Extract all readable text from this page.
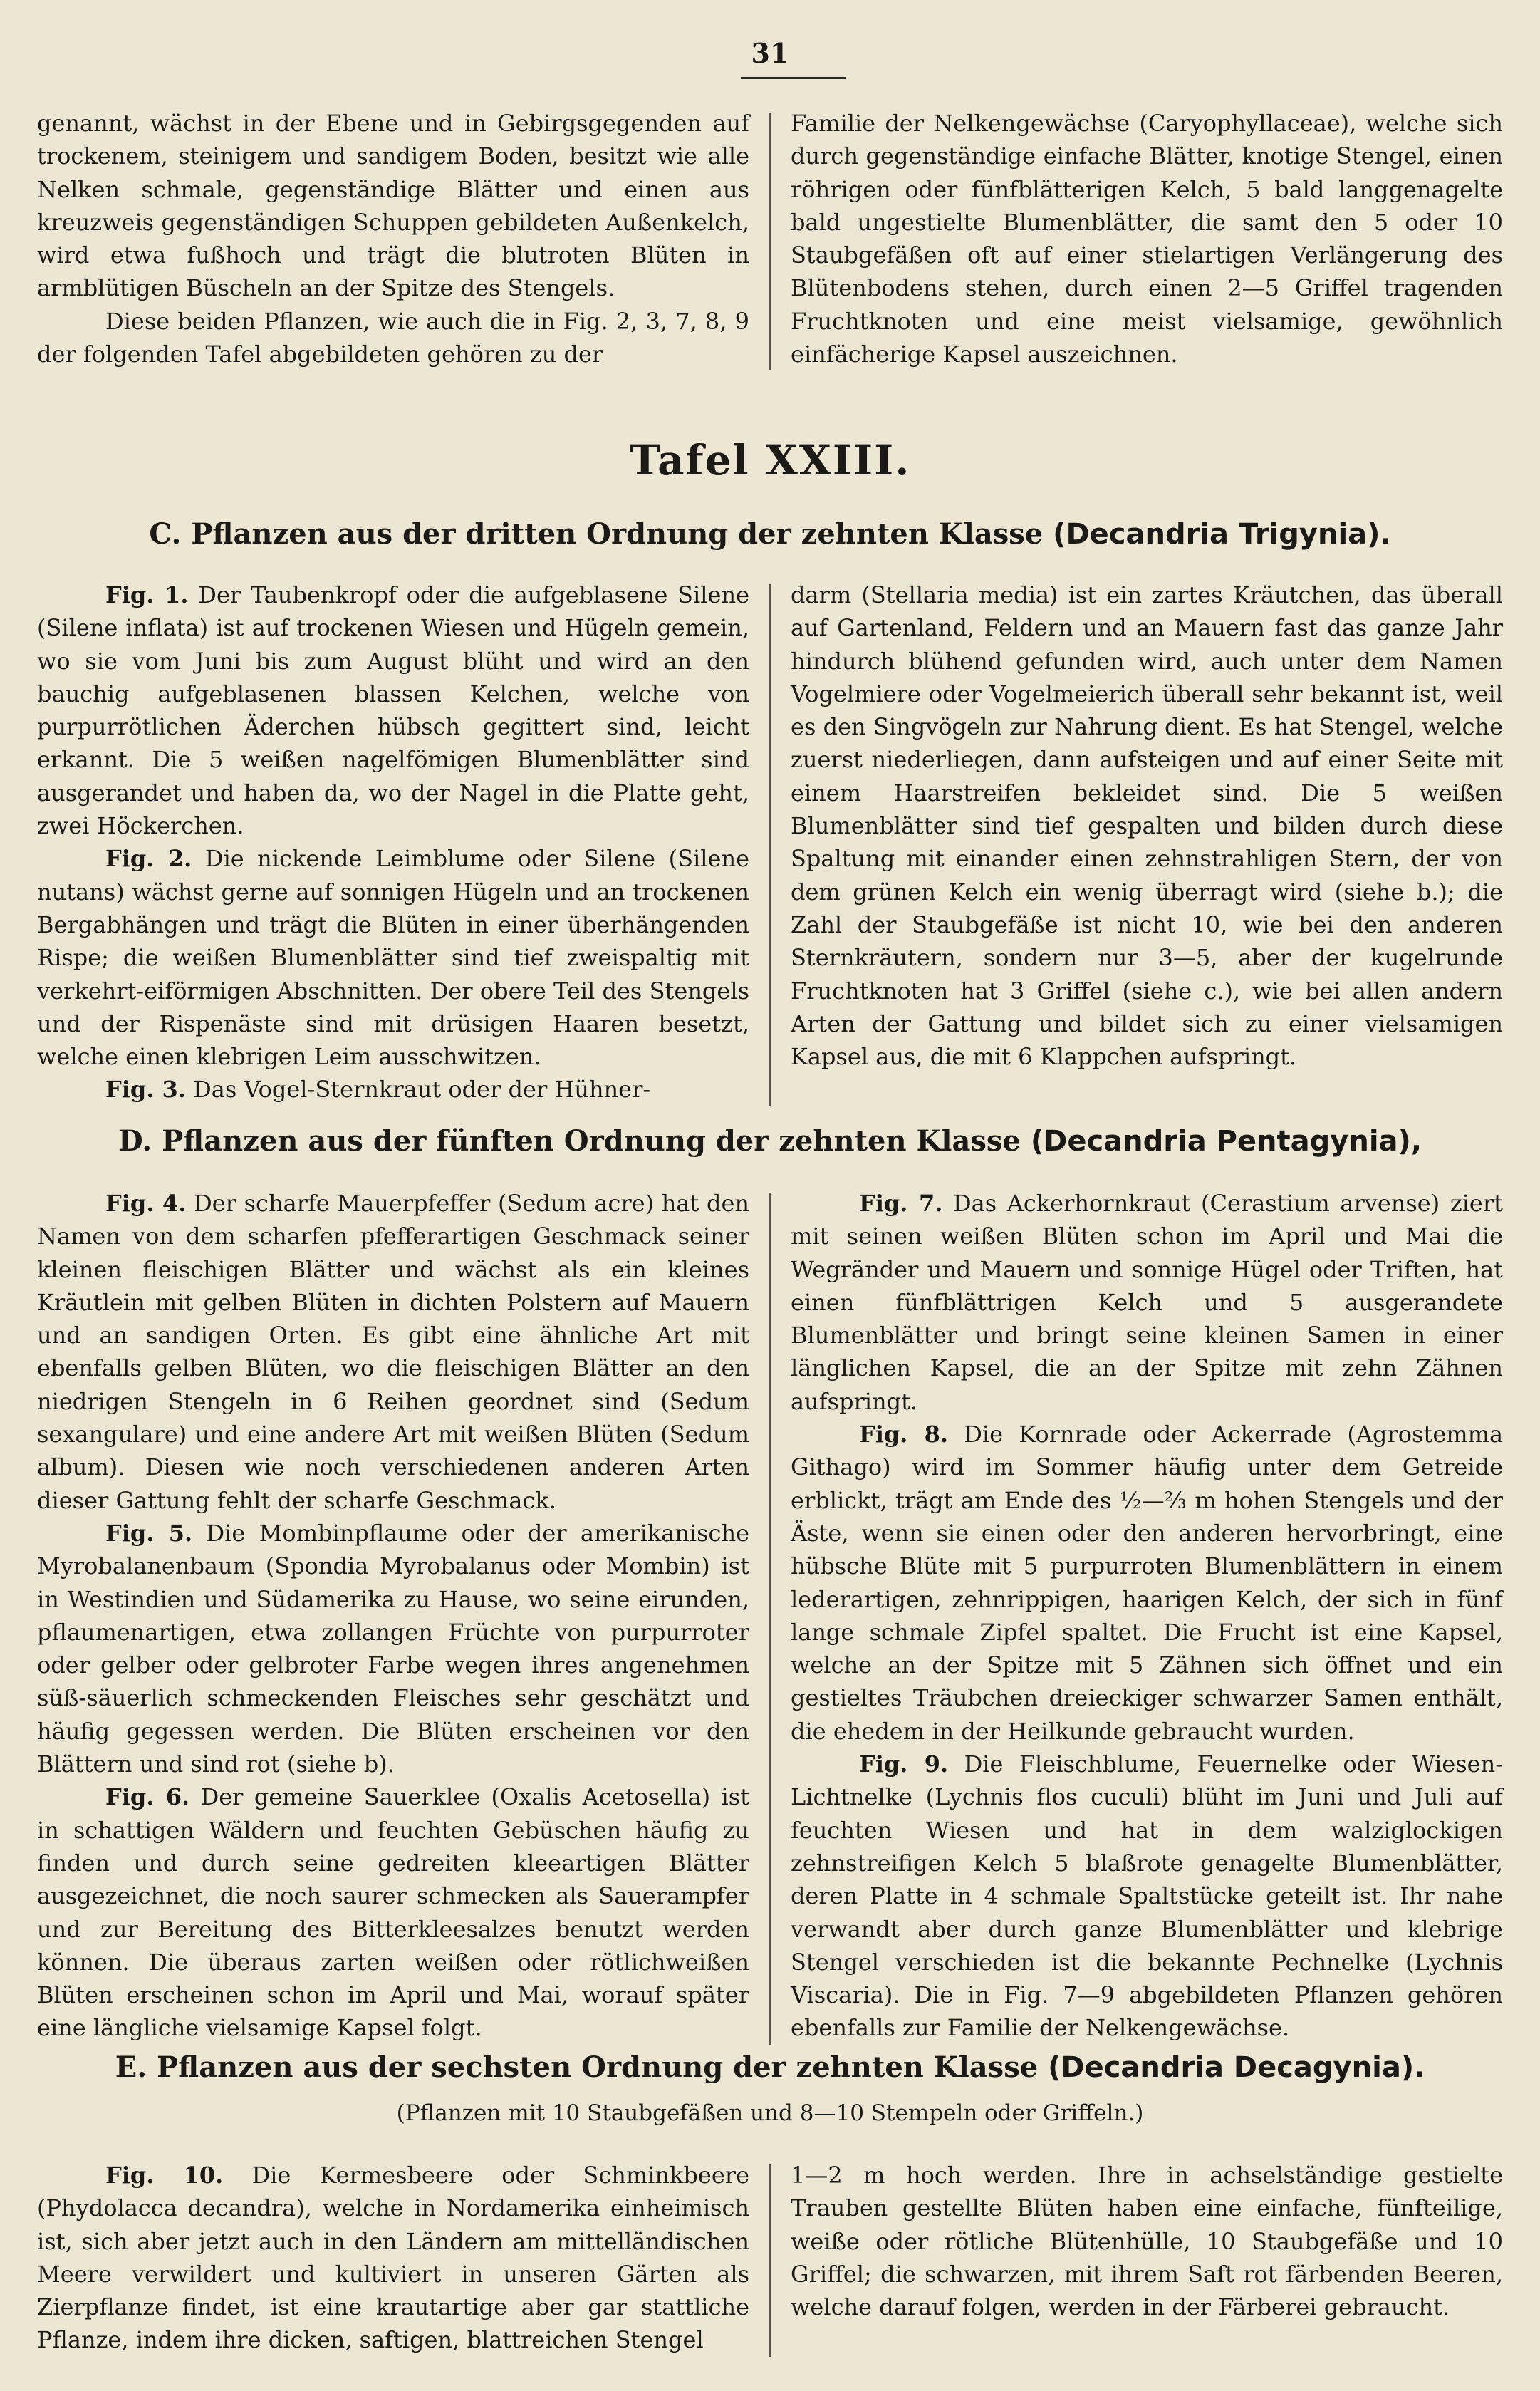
31

genannt, wächst in der Ebene und in Gebirgsgegenden auf trockenem, steinigem und sandigem Boden, besitzt wie alle Nelken schmale, gegenständige Blätter und einen aus kreuzweis gegenständigen Schuppen gebildeten Außenkelch, wird etwa fußhoch und trägt die blutroten Blüten in armblütigen Büscheln an der Spitze des Stengels.

Diese beiden Pflanzen, wie auch die in Fig. 2, 3, 7, 8, 9 der folgenden Tafel abgebildeten gehören zu der

Familie der Nelkengewächse (Caryophyllaceae), welche sich durch gegenständige einfache Blätter, knotige Stengel, einen röhrigen oder fünfblätterigen Kelch, 5 bald langgenagelte bald ungestielte Blumenblätter, die samt den 5 oder 10 Staubgefäßen oft auf einer stielartigen Verlängerung des Blütenbodens stehen, durch einen 2—5 Griffel tragenden Fruchtknoten und eine meist vielsamige, gewöhnlich einfächerige Kapsel auszeichnen.

Tafel XXIII.
C. Pflanzen aus der dritten Ordnung der zehnten Klasse (Decandria Trigynia).

Fig. 1. Der Taubenkropf oder die aufgeblasene Silene (Silene inflata) ist auf trockenen Wiesen und Hügeln gemein, wo sie vom Juni bis zum August blüht und wird an den bauchig aufgeblasenen blassen Kelchen, welche von purpurrötlichen Äderchen hübsch gegittert sind, leicht erkannt. Die 5 weißen nagelfömigen Blumenblätter sind ausgerandet und haben da, wo der Nagel in die Platte geht, zwei Höckerchen.

Fig. 2. Die nickende Leimblume oder Silene (Silene nutans) wächst gerne auf sonnigen Hügeln und an trockenen Bergabhängen und trägt die Blüten in einer überhängenden Rispe; die weißen Blumenblätter sind tief zweispaltig mit verkehrt-eiförmigen Abschnitten. Der obere Teil des Stengels und der Rispenäste sind mit drüsigen Haaren besetzt, welche einen klebrigen Leim ausschwitzen.

Fig. 3. Das Vogel-Sternkraut oder der Hühner-

darm (Stellaria media) ist ein zartes Kräutchen, das überall auf Gartenland, Feldern und an Mauern fast das ganze Jahr hindurch blühend gefunden wird, auch unter dem Namen Vogelmiere oder Vogelmeierich überall sehr bekannt ist, weil es den Singvögeln zur Nahrung dient. Es hat Stengel, welche zuerst niederliegen, dann aufsteigen und auf einer Seite mit einem Haarstreifen bekleidet sind. Die 5 weißen Blumenblätter sind tief gespalten und bilden durch diese Spaltung mit einander einen zehnstrahligen Stern, der von dem grünen Kelch ein wenig überragt wird (siehe b.); die Zahl der Staubgefäße ist nicht 10, wie bei den anderen Sternkräutern, sondern nur 3—5, aber der kugelrunde Fruchtknoten hat 3 Griffel (siehe c.), wie bei allen andern Arten der Gattung und bildet sich zu einer vielsamigen Kapsel aus, die mit 6 Klappchen aufspringt.

D. Pflanzen aus der fünften Ordnung der zehnten Klasse (Decandria Pentagynia),

Fig. 4. Der scharfe Mauerpfeffer (Sedum acre) hat den Namen von dem scharfen pfefferartigen Geschmack seiner kleinen fleischigen Blätter und wächst als ein kleines Kräutlein mit gelben Blüten in dichten Polstern auf Mauern und an sandigen Orten. Es gibt eine ähnliche Art mit ebenfalls gelben Blüten, wo die fleischigen Blätter an den niedrigen Stengeln in 6 Reihen geordnet sind (Sedum sexangulare) und eine andere Art mit weißen Blüten (Sedum album). Diesen wie noch verschiedenen anderen Arten dieser Gattung fehlt der scharfe Geschmack.

Fig. 5. Die Mombinpflaume oder der amerikanische Myrobalanenbaum (Spondia Myrobalanus oder Mombin) ist in Westindien und Südamerika zu Hause, wo seine eirunden, pflaumenartigen, etwa zollangen Früchte von purpurroter oder gelber oder gelbroter Farbe wegen ihres angenehmen süß-säuerlich schmeckenden Fleisches sehr geschätzt und häufig gegessen werden. Die Blüten erscheinen vor den Blättern und sind rot (siehe b).

Fig. 6. Der gemeine Sauerklee (Oxalis Acetosella) ist in schattigen Wäldern und feuchten Gebüschen häufig zu finden und durch seine gedreiten kleeartigen Blätter ausgezeichnet, die noch saurer schmecken als Sauerampfer und zur Bereitung des Bitterkleesalzes benutzt werden können. Die überaus zarten weißen oder rötlichweißen Blüten erscheinen schon im April und Mai, worauf später eine längliche vielsamige Kapsel folgt.

Fig. 7. Das Ackerhornkraut (Cerastium arvense) ziert mit seinen weißen Blüten schon im April und Mai die Wegränder und Mauern und sonnige Hügel oder Triften, hat einen fünfblättrigen Kelch und 5 ausgerandete Blumenblätter und bringt seine kleinen Samen in einer länglichen Kapsel, die an der Spitze mit zehn Zähnen aufspringt.

Fig. 8. Die Kornrade oder Ackerrade (Agrostemma Githago) wird im Sommer häufig unter dem Getreide erblickt, trägt am Ende des ½—⅔ m hohen Stengels und der Äste, wenn sie einen oder den anderen hervorbringt, eine hübsche Blüte mit 5 purpurroten Blumenblättern in einem lederartigen, zehnrippigen, haarigen Kelch, der sich in fünf lange schmale Zipfel spaltet. Die Frucht ist eine Kapsel, welche an der Spitze mit 5 Zähnen sich öffnet und ein gestieltes Träubchen dreieckiger schwarzer Samen enthält, die ehedem in der Heilkunde gebraucht wurden.

Fig. 9. Die Fleischblume, Feuernelke oder Wiesen-Lichtnelke (Lychnis flos cuculi) blüht im Juni und Juli auf feuchten Wiesen und hat in dem walziglockigen zehnstreifigen Kelch 5 blaßrote genagelte Blumenblätter, deren Platte in 4 schmale Spaltstücke geteilt ist. Ihr nahe verwandt aber durch ganze Blumenblätter und klebrige Stengel verschieden ist die bekannte Pechnelke (Lychnis Viscaria). Die in Fig. 7—9 abgebildeten Pflanzen gehören ebenfalls zur Familie der Nelkengewächse.

E. Pflanzen aus der sechsten Ordnung der zehnten Klasse (Decandria Decagynia).
(Pflanzen mit 10 Staubgefäßen und 8—10 Stempeln oder Griffeln.)

Fig. 10. Die Kermesbeere oder Schminkbeere (Phydolacca decandra), welche in Nordamerika einheimisch ist, sich aber jetzt auch in den Ländern am mittelländischen Meere verwildert und kultiviert in unseren Gärten als Zierpflanze findet, ist eine krautartige aber gar stattliche Pflanze, indem ihre dicken, saftigen, blattreichen Stengel

1—2 m hoch werden. Ihre in achselständige gestielte Trauben gestellte Blüten haben eine einfache, fünfteilige, weiße oder rötliche Blütenhülle, 10 Staubgefäße und 10 Griffel; die schwarzen, mit ihrem Saft rot färbenden Beeren, welche darauf folgen, werden in der Färberei gebraucht.
